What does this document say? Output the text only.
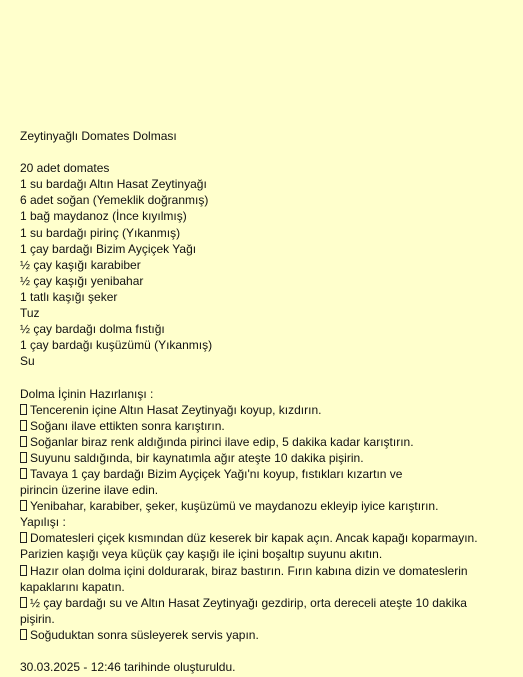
Zeytinyağlı Domates Dolması
20 adet domates
1 su bardağı Altın Hasat Zeytinyağı
6 adet soğan (Yemeklik doğranmış)
1 bağ maydanoz (İnce kıyılmış)
1 su bardağı pirinç (Yıkanmış)
1 çay bardağı Bizim Ayçiçek Yağı
½ çay kaşığı karabiber
½ çay kaşığı yenibahar
1 tatlı kaşığı şeker
Tuz
½ çay bardağı dolma fıstığı
1 çay bardağı kuşüzümü (Yıkanmış)
Su
Dolma İçinin Hazırlanışı :
Tencerenin içine Altın Hasat Zeytinyağı koyup, kızdırın.
Soğanı ilave ettikten sonra karıştırın.
Soğanlar biraz renk aldığında pirinci ilave edip, 5 dakika kadar karıştırın.
Suyunu saldığında, bir kaynatımla ağır ateşte 10 dakika pişirin.
Tavaya 1 çay bardağı Bizim Ayçiçek Yağı'nı koyup, fıstıkları kızartın ve pirincin üzerine ilave edin.
Yenibahar, karabiber, şeker, kuşüzümü ve maydanozu ekleyip iyice karıştırın.
Yapılışı :
Domatesleri çiçek kısmından düz keserek bir kapak açın. Ancak kapağı koparmayın. Parizien kaşığı veya küçük çay kaşığı ile içini boşaltıp suyunu akıtın.
Hazır olan dolma içini doldurarak, biraz bastırın. Fırın kabına dizin ve domateslerin kapaklarını kapatın.
½ çay bardağı su ve Altın Hasat Zeytinyağı gezdirip, orta dereceli ateşte 10 dakika pişirin.
Soğuduktan sonra süsleyerek servis yapın.
30.03.2025 - 12:46 tarihinde oluşturuldu.
